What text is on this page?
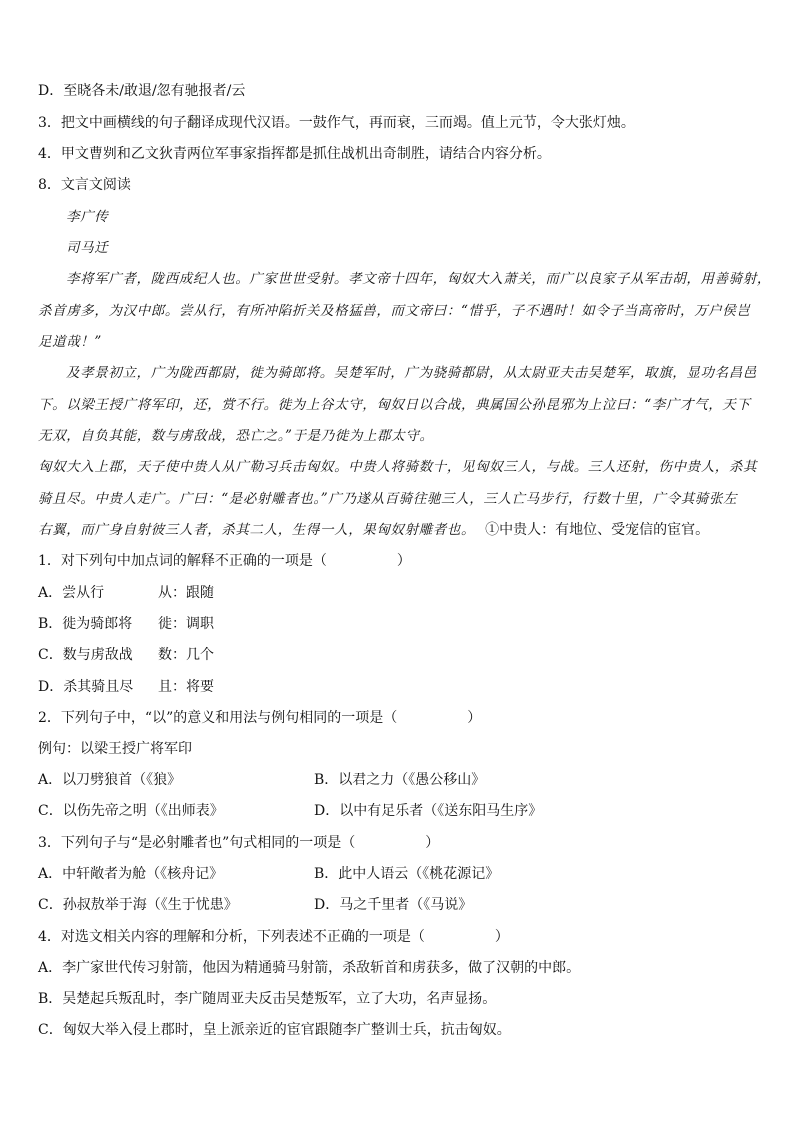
D．至晓各未/敢退/忽有驰报者/云
3．把文中画横线的句子翻译成现代汉语。一鼓作气，再而衰，三而竭。值上元节，令大张灯烛。
4．甲文曹刿和乙文狄青两位军事家指挥都是抓住战机出奇制胜，请结合内容分析。
8．文言文阅读
李广传
司马迁
李将军广者，陇西成纪人也。广家世世受射。孝文帝十四年，匈奴大入萧关，而广以良家子从军击胡，用善骑射，
杀首虏多，为汉中郎。尝从行，有所冲陷折关及格猛兽，而文帝曰：“惜乎，子不遇时！如令子当高帝时，万户侯岂
足道哉！”
及孝景初立，广为陇西都尉，徙为骑郎将。吴楚军时，广为骁骑都尉，从太尉亚夫击吴楚军，取旗，显功名昌邑
下。以梁王授广将军印，还，赏不行。徙为上谷太守，匈奴日以合战，典属国公孙昆邪为上泣曰：“李广才气，天下
无双，自负其能，数与虏敌战，恐亡之。”于是乃徙为上郡太守。
匈奴大入上郡，天子使中贵人从广勒习兵击匈奴。中贵人将骑数十，见匈奴三人，与战。三人还射，伤中贵人，杀其
骑且尽。中贵人走广。广曰：“是必射雕者也。”广乃遂从百骑往驰三人，三人亡马步行，行数十里，广令其骑张左
右翼，而广身自射彼三人者，杀其二人，生得一人，果匈奴射雕者也。 ①中贵人：有地位、受宠信的宦官。
1．对下列句中加点词的解释不正确的一项是（	）
A．尝从行	从：跟随
B．徙为骑郎将 徙：调职
C．数与虏敌战 数：几个
D．杀其骑且尽 且：将要
2．下列句子中，“以”的意义和用法与例句相同的一项是（	）
例句：以梁王授广将军印
A．以刀劈狼首（《狼》	B．以君之力（《愚公移山》
C．以伤先帝之明（《出师表》	D．以中有足乐者（《送东阳马生序》
3．下列句子与“是必射雕者也”句式相同的一项是（	）
A．中轩敞者为舱（《核舟记》	B．此中人语云（《桃花源记》
C．孙叔敖举于海（《生于忧患》	D．马之千里者（《马说》
4．对选文相关内容的理解和分析，下列表述不正确的一项是（	）
A．李广家世代传习射箭，他因为精通骑马射箭，杀敌斩首和虏获多，做了汉朝的中郎。
B．吴楚起兵叛乱时，李广随周亚夫反击吴楚叛军，立了大功，名声显扬。
C．匈奴大举入侵上郡时，皇上派亲近的宦官跟随李广整训士兵，抗击匈奴。
